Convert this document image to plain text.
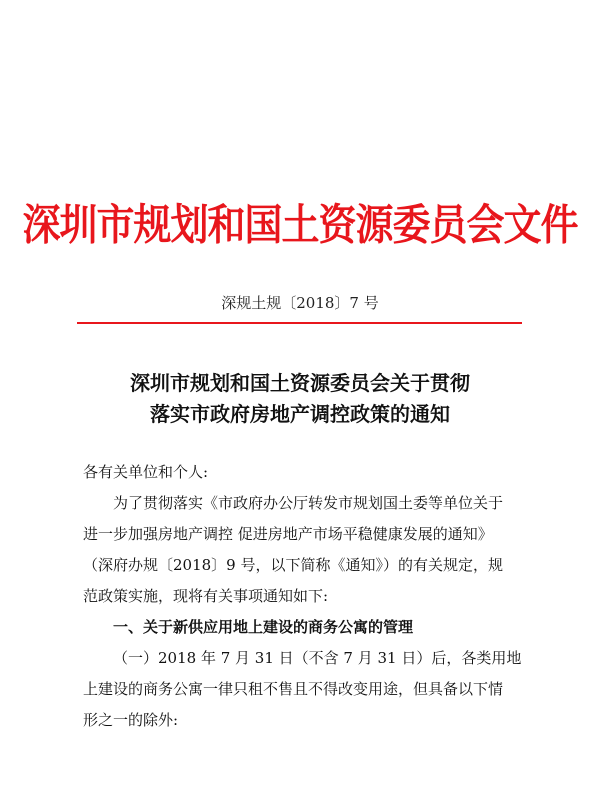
深圳市规划和国土资源委员会文件
深规土规〔2018〕7 号
深圳市规划和国土资源委员会关于贯彻
落实市政府房地产调控政策的通知

各有关单位和个人:

为了贯彻落实《市政府办公厅转发市规划国土委等单位关于

进一步加强房地产调控 促进房地产市场平稳健康发展的通知》

（深府办规〔2018〕9 号，以下简称《通知》）的有关规定，规

范政策实施，现将有关事项通知如下:

一、关于新供应用地上建设的商务公寓的管理

（一）2018 年 7 月 31 日（不含 7 月 31 日）后，各类用地

上建设的商务公寓一律只租不售且不得改变用途，但具备以下情

形之一的除外:
